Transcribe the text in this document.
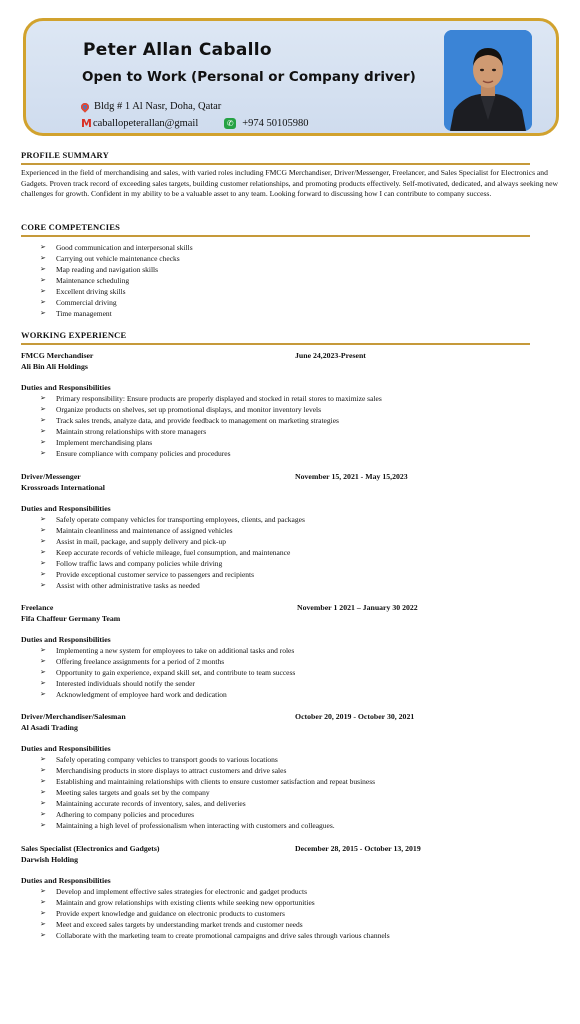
Peter Allan Caballo
Open to Work (Personal or Company driver)
Bldg # 1 Al Nasr, Doha, Qatar
M caballopeterallan@gmail	✆ +974 50105980
PROFILE SUMMARY

Experienced in the field of merchandising and sales, with varied roles including FMCG Merchandiser, Driver/Messenger, Freelancer, and Sales Specialist for Electronics and Gadgets. Proven track record of exceeding sales targets, building customer relationships, and promoting products effectively. Self-motivated, dedicated, and always seeking new challenges for growth. Confident in my ability to be a valuable asset to any team. Looking forward to discussing how I can contribute to company success.

CORE COMPETENCIES
➢ Good communication and interpersonal skills
➢ Carrying out vehicle maintenance checks
➢ Map reading and navigation skills
➢ Maintenance scheduling
➢ Excellent driving skills
➢ Commercial driving
➢ Time management
WORKING EXPERIENCE
FMCG Merchandiser	June 24,2023-Present
Ali Bin Ali Holdings
Duties and Responsibilities
➢ Primary responsibility: Ensure products are properly displayed and stocked in retail stores to maximize sales
➢ Organize products on shelves, set up promotional displays, and monitor inventory levels
➢ Track sales trends, analyze data, and provide feedback to management on marketing strategies
➢ Maintain strong relationships with store managers
➢ Implement merchandising plans
➢ Ensure compliance with company policies and procedures
Driver/Messenger	November 15, 2021 - May 15,2023
Krossroads International
Duties and Responsibilities
➢ Safely operate company vehicles for transporting employees, clients, and packages
➢ Maintain cleanliness and maintenance of assigned vehicles
➢ Assist in mail, package, and supply delivery and pick-up
➢ Keep accurate records of vehicle mileage, fuel consumption, and maintenance
➢ Follow traffic laws and company policies while driving
➢ Provide exceptional customer service to passengers and recipients
➢ Assist with other administrative tasks as needed
Freelance	November 1 2021 – January 30 2022
Fifa Chaffeur Germany Team
Duties and Responsibilities
➢ Implementing a new system for employees to take on additional tasks and roles
➢ Offering freelance assignments for a period of 2 months
➢ Opportunity to gain experience, expand skill set, and contribute to team success
➢ Interested individuals should notify the sender
➢ Acknowledgment of employee hard work and dedication
Driver/Merchandiser/Salesman	October 20, 2019 - October 30, 2021
Al Asadi Trading
Duties and Responsibilities
➢ Safely operating company vehicles to transport goods to various locations
➢ Merchandising products in store displays to attract customers and drive sales
➢ Establishing and maintaining relationships with clients to ensure customer satisfaction and repeat business
➢ Meeting sales targets and goals set by the company
➢ Maintaining accurate records of inventory, sales, and deliveries
➢ Adhering to company policies and procedures
➢ Maintaining a high level of professionalism when interacting with customers and colleagues.
Sales Specialist (Electronics and Gadgets)	December 28, 2015 - October 13, 2019
Darwish Holding
Duties and Responsibilities
➢ Develop and implement effective sales strategies for electronic and gadget products
➢ Maintain and grow relationships with existing clients while seeking new opportunities
➢ Provide expert knowledge and guidance on electronic products to customers
➢ Meet and exceed sales targets by understanding market trends and customer needs
➢ Collaborate with the marketing team to create promotional campaigns and drive sales through various channels
